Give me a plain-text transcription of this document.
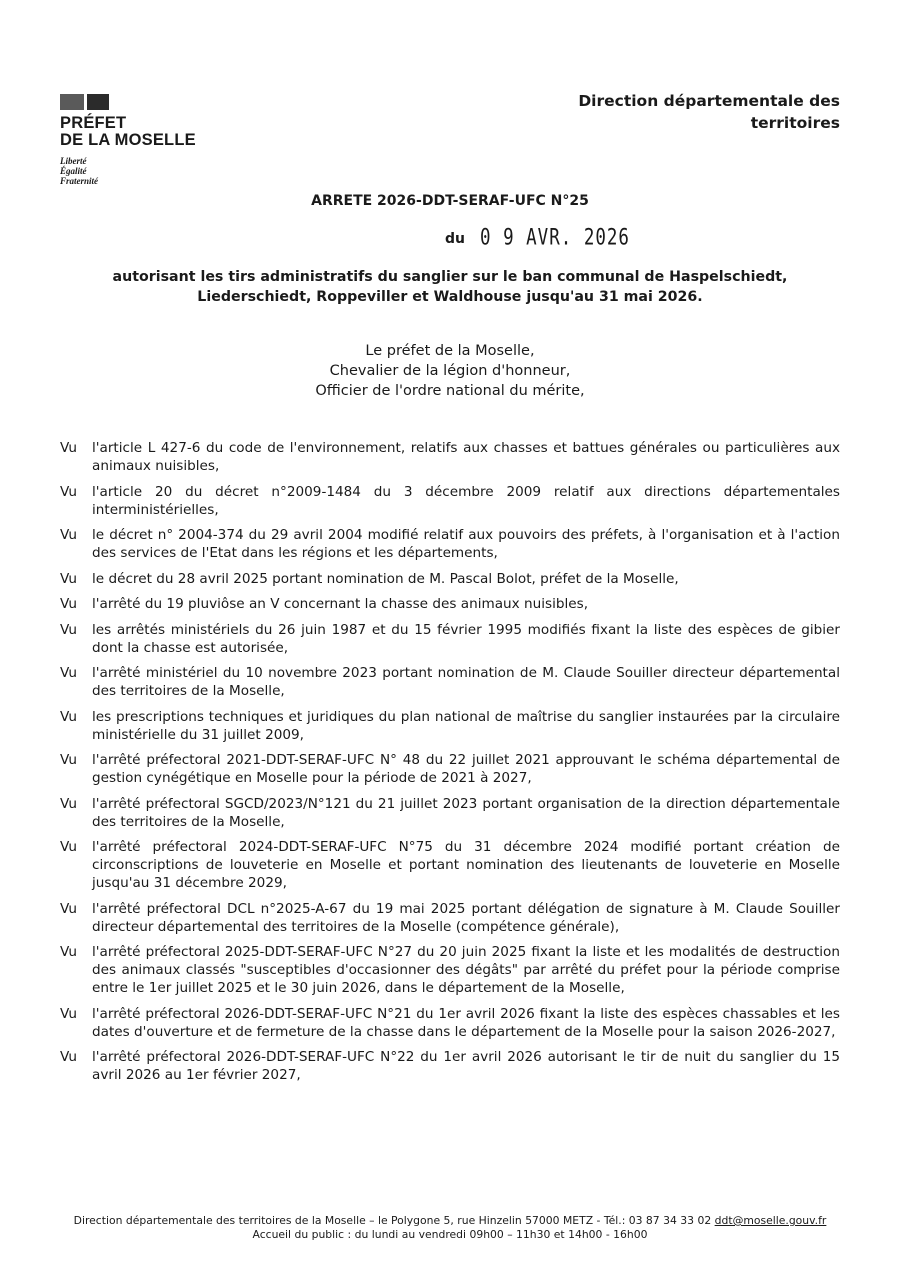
PRÉFET
DE LA MOSELLE
Liberté
Égalité
Fraternité
Direction départementale des
territoires
ARRETE 2026-DDT-SERAF-UFC N°25
du 0 9 AVR. 2026
autorisant les tirs administratifs du sanglier sur le ban communal de Haspelschiedt,
Liederschiedt, Roppeviller et Waldhouse jusqu'au 31 mai 2026.
Le préfet de la Moselle,
Chevalier de la légion d'honneur,
Officier de l'ordre national du mérite,
Vu	l'article L 427-6 du code de l'environnement, relatifs aux chasses et battues générales ou particulières aux animaux nuisibles,
Vu	l'article 20 du décret n°2009-1484 du 3 décembre 2009 relatif aux directions départementales interministérielles,
Vu	le décret n° 2004-374 du 29 avril 2004 modifié relatif aux pouvoirs des préfets, à l'organisation et à l'action des services de l'Etat dans les régions et les départements,
Vu	le décret du 28 avril 2025 portant nomination de M. Pascal Bolot, préfet de la Moselle,
Vu	l'arrêté du 19 pluviôse an V concernant la chasse des animaux nuisibles,
Vu	les arrêtés ministériels du 26 juin 1987 et du 15 février 1995 modifiés fixant la liste des espèces de gibier dont la chasse est autorisée,
Vu	l'arrêté ministériel du 10 novembre 2023 portant nomination de M. Claude Souiller directeur départemental des territoires de la Moselle,
Vu	les prescriptions techniques et juridiques du plan national de maîtrise du sanglier instaurées par la circulaire ministérielle du 31 juillet 2009,
Vu	l'arrêté préfectoral 2021-DDT-SERAF-UFC N° 48 du 22 juillet 2021 approuvant le schéma départemental de gestion cynégétique en Moselle pour la période de 2021 à 2027,
Vu	l'arrêté préfectoral SGCD/2023/N°121 du 21 juillet 2023 portant organisation de la direction départementale des territoires de la Moselle,
Vu	l'arrêté préfectoral 2024-DDT-SERAF-UFC N°75 du 31 décembre 2024 modifié portant création de circonscriptions de louveterie en Moselle et portant nomination des lieutenants de louveterie en Moselle jusqu'au 31 décembre 2029,
Vu	l'arrêté préfectoral DCL n°2025-A-67 du 19 mai 2025 portant délégation de signature à M. Claude Souiller directeur départemental des territoires de la Moselle (compétence générale),
Vu	l'arrêté préfectoral 2025-DDT-SERAF-UFC N°27 du 20 juin 2025 fixant la liste et les modalités de destruction des animaux classés "susceptibles d'occasionner des dégâts" par arrêté du préfet pour la période comprise entre le 1er juillet 2025 et le 30 juin 2026, dans le département de la Moselle,
Vu	l'arrêté préfectoral 2026-DDT-SERAF-UFC N°21 du 1er avril 2026 fixant la liste des espèces chassables et les dates d'ouverture et de fermeture de la chasse dans le département de la Moselle pour la saison 2026-2027,
Vu	l'arrêté préfectoral 2026-DDT-SERAF-UFC N°22 du 1er avril 2026 autorisant le tir de nuit du sanglier du 15 avril 2026 au 1er février 2027,
Direction départementale des territoires de la Moselle – le Polygone 5, rue Hinzelin 57000 METZ - Tél.: 03 87 34 33 02 ddt@moselle.gouv.fr
Accueil du public : du lundi au vendredi 09h00 – 11h30 et 14h00 - 16h00
